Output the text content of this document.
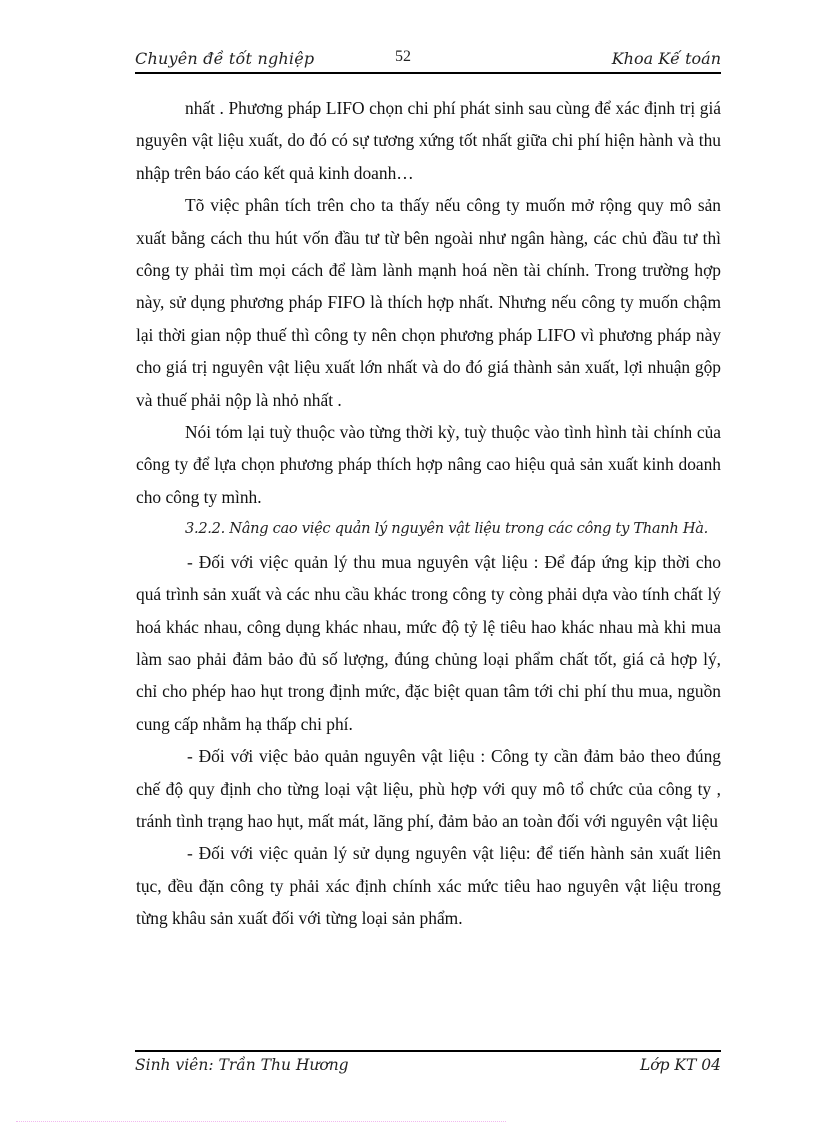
Chuyên đề tốt nghiệp	52	Khoa Kế toán

nhất . Phương pháp LIFO chọn chi phí phát sinh sau cùng để xác định trị giá nguyên vật liệu xuất, do đó có sự tương xứng tốt nhất giữa chi phí hiện hành và thu nhập trên báo cáo kết quả kinh doanh…

Tõ việc phân tích trên cho ta thấy nếu công ty muốn mở rộng quy mô sản xuất bằng cách thu hút vốn đầu tư từ bên ngoài như ngân hàng, các chủ đầu tư thì công ty phải tìm mọi cách để làm lành mạnh hoá nền tài chính. Trong trường hợp này, sử dụng phương pháp FIFO là thích hợp nhất. Nhưng nếu công ty muốn chậm lại thời gian nộp thuế thì công ty nên chọn phương pháp LIFO vì phương pháp này cho giá trị nguyên vật liệu xuất lớn nhất và do đó giá thành sản xuất, lợi nhuận gộp và thuế phải nộp là nhỏ nhất .

Nói tóm lại tuỳ thuộc vào từng thời kỳ, tuỳ thuộc vào tình hình tài chính của công ty để lựa chọn phương pháp thích hợp nâng cao hiệu quả sản xuất kinh doanh cho công ty mình.

3.2.2. Nâng cao việc quản lý nguyên vật liệu trong các công ty Thanh Hà.

- Đối với việc quản lý thu mua nguyên vật liệu : Để đáp ứng kịp thời cho quá trình sản xuất và các nhu cầu khác trong công ty còng phải dựa vào tính chất lý hoá khác nhau, công dụng khác nhau, mức độ tỷ lệ tiêu hao khác nhau mà khi mua làm sao phải đảm bảo đủ số lượng, đúng chủng loại phẩm chất tốt, giá cả hợp lý, chỉ cho phép hao hụt trong định mức, đặc biệt quan tâm tới chi phí thu mua, nguồn cung cấp nhằm hạ thấp chi phí.

- Đối với việc bảo quản nguyên vật liệu : Công ty cần đảm bảo theo đúng chế độ quy định cho từng loại vật liệu, phù hợp với quy mô tổ chức của công ty , tránh tình trạng hao hụt, mất mát, lãng phí, đảm bảo an toàn đối với nguyên vật liệu

- Đối với việc quản lý sử dụng nguyên vật liệu: để tiến hành sản xuất liên tục, đều đặn công ty phải xác định chính xác mức tiêu hao nguyên vật liệu trong từng khâu sản xuất đối với từng loại sản phẩm.

Sinh viên: Trần Thu Hương	Lớp KT 04
